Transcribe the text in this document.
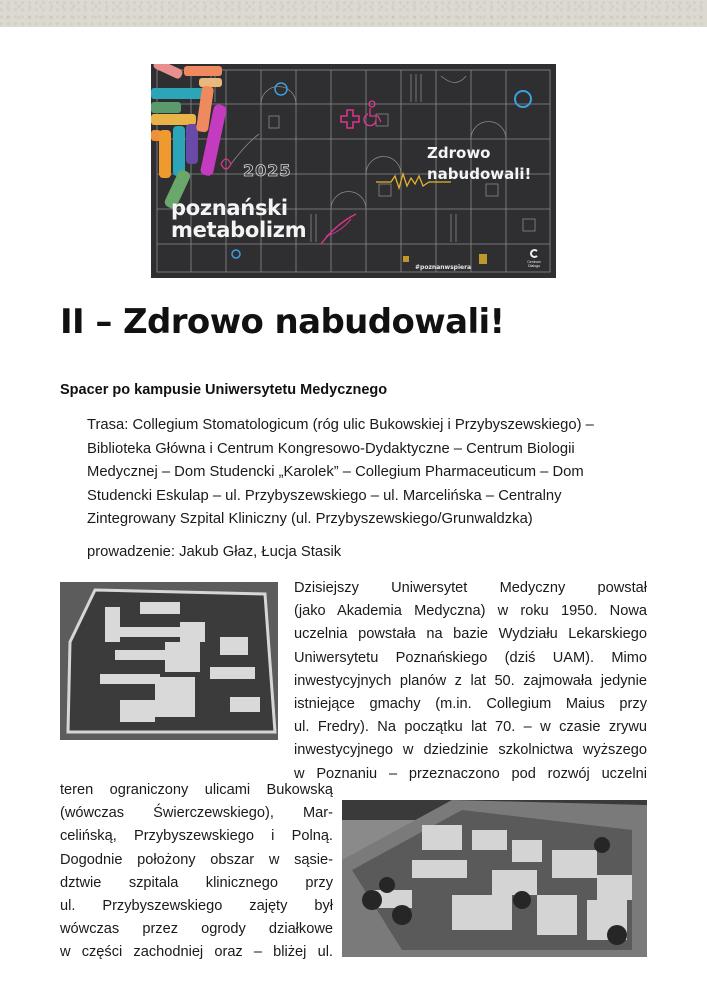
2025
poznański
metabolizm
Zdrowo
nabudowali!
#poznanwspiera
Centrum Dialogu
II – Zdrowo nabudowali!
Spacer po kampusie Uniwersytetu Medycznego

Trasa: Collegium Stomatologicum (róg ulic Bukowskiej i Przybyszewskiego) – Biblioteka Główna i Centrum Kongresowo-Dydaktyczne – Centrum Biologii Medycznej – Dom Studencki „Karolek” – Collegium Pharmaceuticum – Dom Studencki Eskulap – ul. Przybyszewskiego – ul. Marcelińska – Centralny Zintegrowany Szpital Kliniczny (ul. Przybyszewskiego/Grunwaldzka)

prowadzenie: Jakub Głaz, Łucja Stasik

Dzisiejszy Uniwersytet Medyczny powstał
(jako Akademia Medyczna) w roku 1950. Nowa
uczelnia powstała na bazie Wydziału Lekarskiego
Uniwersytetu Poznańskiego (dziś UAM). Mimo
inwestycyjnych planów z lat 50. zajmowała jedynie
istniejące gmachy (m.in. Collegium Maius przy
ul. Fredry). Na początku lat 70. – w czasie zrywu
inwestycyjnego w dziedzinie szkolnictwa wyższego
w Poznaniu – przeznaczono pod rozwój uczelni
teren ograniczony ulicami Bukowską
(wówczas Świerczewskiego), Mar-
celińską, Przybyszewskiego i Polną.
Dogodnie położony obszar w sąsie-
dztwie szpitala klinicznego przy
ul. Przybyszewskiego zajęty był
wówczas przez ogrody działkowe
w części zachodniej oraz – bliżej ul.
